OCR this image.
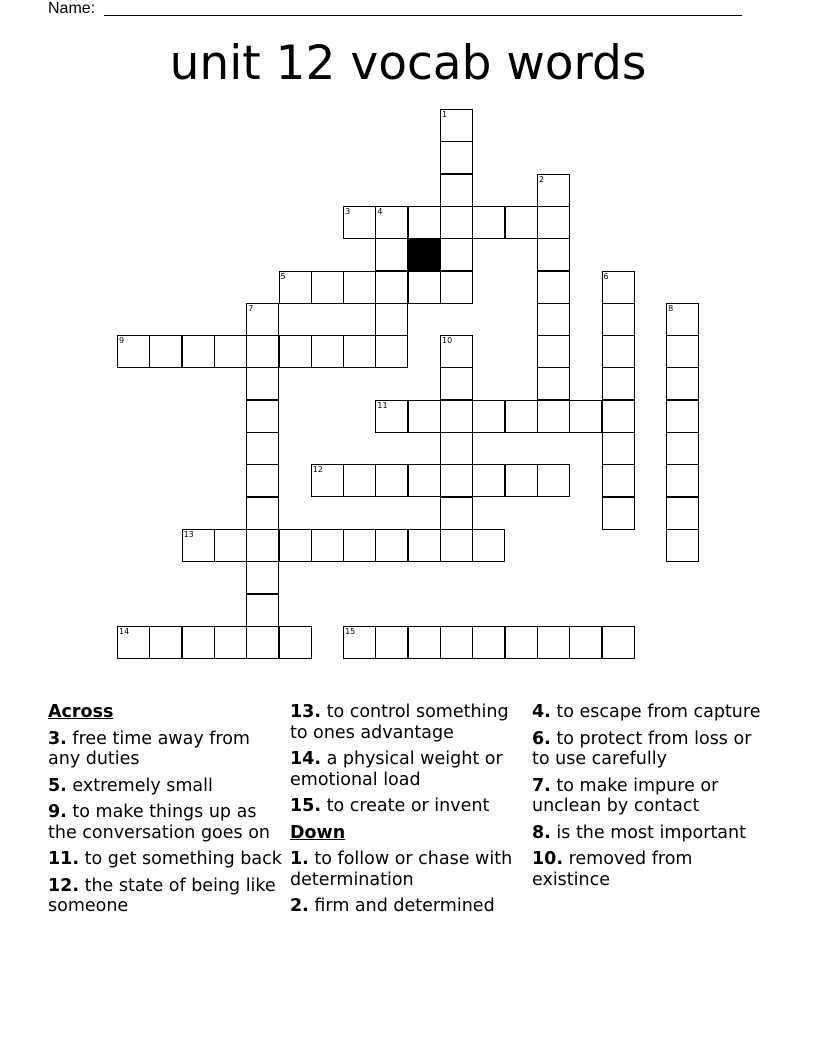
Name:
unit 12 vocab words
1
2
3	4
5	6
7	8
9	10
11
12
13
14	15
Across
3. free time away from any duties
5. extremely small
9. to make things up as the conversation goes on
11. to get something back
12. the state of being like someone
13. to control something to ones advantage
14. a physical weight or emotional load
15. to create or invent
Down
1. to follow or chase with determination
2. firm and determined
4. to escape from capture
6. to protect from loss or to use carefully
7. to make impure or unclean by contact
8. is the most important
10. removed from existince
